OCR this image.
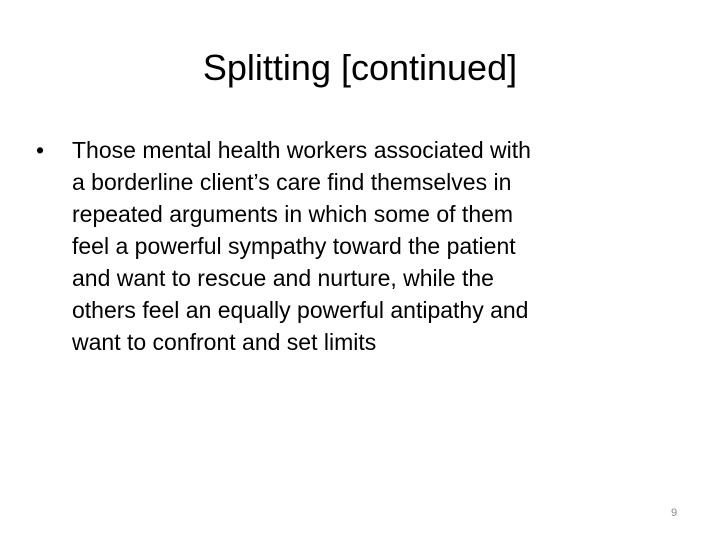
Splitting [continued]
•	Those mental health workers associated with
a borderline client’s care find themselves in
repeated arguments in which some of them
feel a powerful sympathy toward the patient
and want to rescue and nurture, while the
others feel an equally powerful antipathy and
want to confront and set limits
9
